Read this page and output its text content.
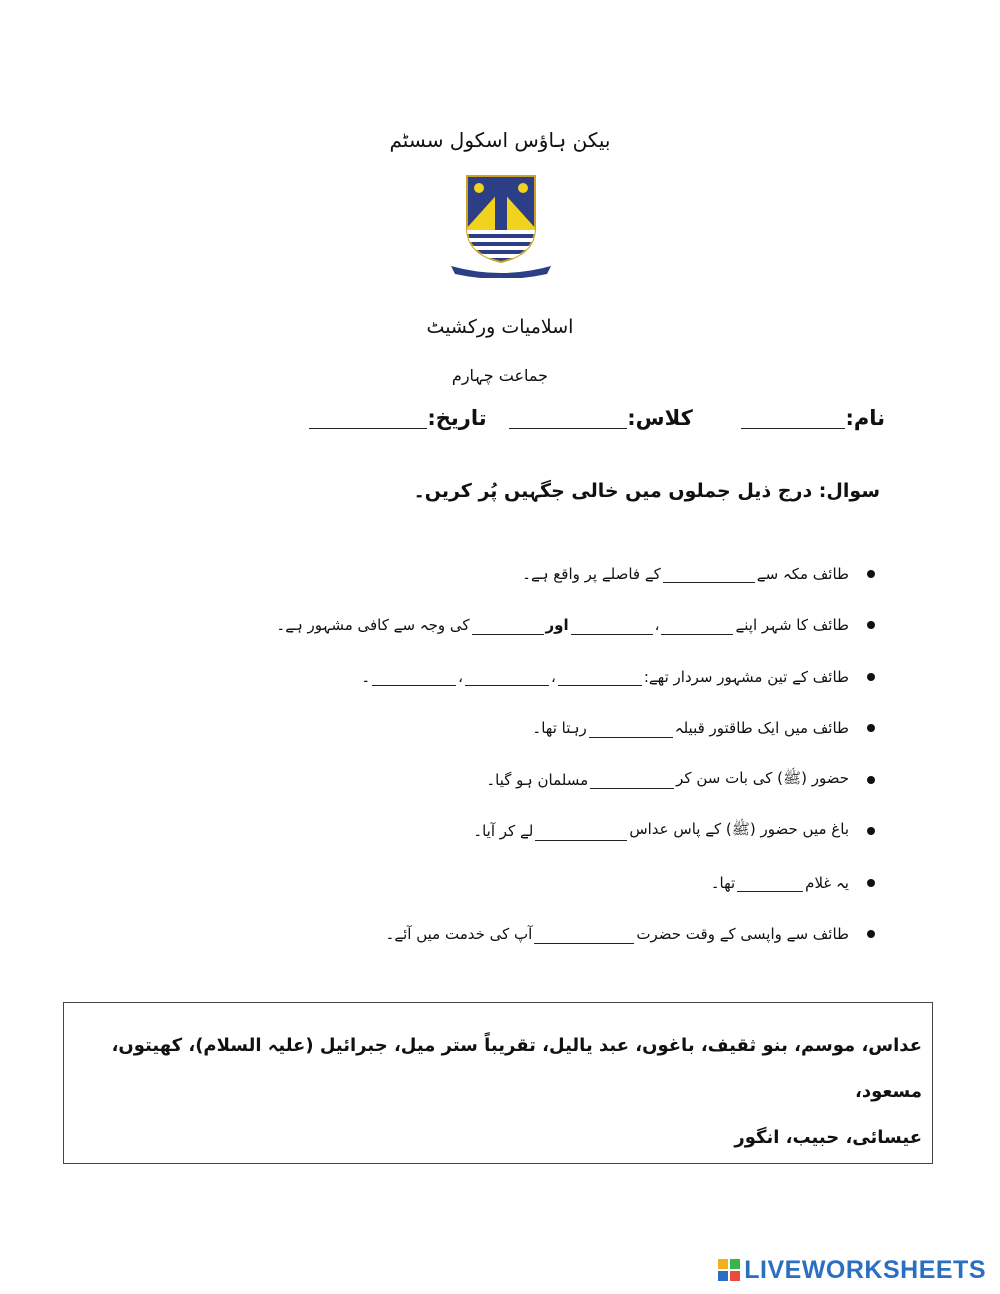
بیکن ہاؤس اسکول سسٹم
اسلامیات ورکشیٹ
جماعت چہارم
نام:  کلاس:  تاریخ:
سوال: درج ذیل جملوں میں خالی جگہیں پُر کریں۔
طائف مکہ سے
کے فاصلے پر واقع ہے۔
طائف کا شہر اپنے
،
اور
کی وجہ سے کافی مشہور ہے۔
طائف کے تین مشہور سردار تھے:
،
،
۔
طائف میں ایک طاقتور قبیلہ
رہتا تھا۔
حضور (ﷺ) کی بات سن کر
مسلمان ہو گیا۔
باغ میں حضور (ﷺ) کے پاس عداس
لے کر آیا۔
یہ غلام
تھا۔
طائف سے واپسی کے وقت حضرت
آپ کی خدمت میں آئے۔
عداس، موسم، بنو ثقیف، باغوں، عبد یالیل، تقریباً ستر میل، جبرائیل (علیہ السلام)، کھیتوں، مسعود،
عیسائی، حبیب، انگور
LIVEWORKSHEETS
